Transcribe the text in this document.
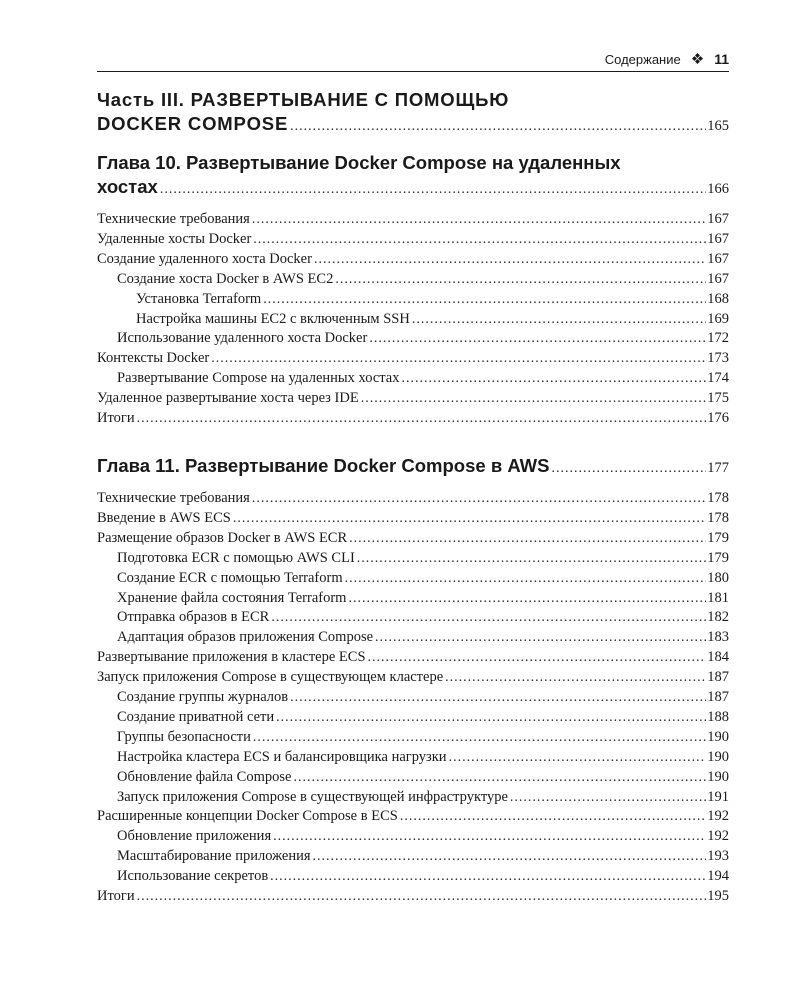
Содержание ❖ 11
Часть III. РАЗВЕРТЫВАНИЕ С ПОМОЩЬЮ
DOCKER COMPOSE .....	165
Глава 10. Развертывание Docker Compose на удаленных
хостах .....	166
Технические требования .....	167
Удаленные хосты Docker .....	167
Создание удаленного хоста Docker .....	167
Создание хоста Docker в AWS EC2 .....	167
Установка Terraform .....	168
Настройка машины EC2 с включенным SSH .....	169
Использование удаленного хоста Docker .....	172
Контексты Docker .....	173
Развертывание Compose на удаленных хостах .....	174
Удаленное развертывание хоста через IDE .....	175
Итоги .....	176
Глава 11. Развертывание Docker Compose в AWS .....	177
Технические требования .....	178
Введение в AWS ECS .....	178
Размещение образов Docker в AWS ECR .....	179
Подготовка ECR с помощью AWS CLI .....	179
Создание ECR с помощью Terraform .....	180
Хранение файла состояния Terraform .....	181
Отправка образов в ECR .....	182
Адаптация образов приложения Compose .....	183
Развертывание приложения в кластере ECS .....	184
Запуск приложения Compose в существующем кластере .....	187
Создание группы журналов .....	187
Создание приватной сети .....	188
Группы безопасности .....	190
Настройка кластера ECS и балансировщика нагрузки .....	190
Обновление файла Compose .....	190
Запуск приложения Compose в существующей инфраструктуре .....	191
Расширенные концепции Docker Compose в ECS .....	192
Обновление приложения .....	192
Масштабирование приложения .....	193
Использование секретов .....	194
Итоги .....	195
